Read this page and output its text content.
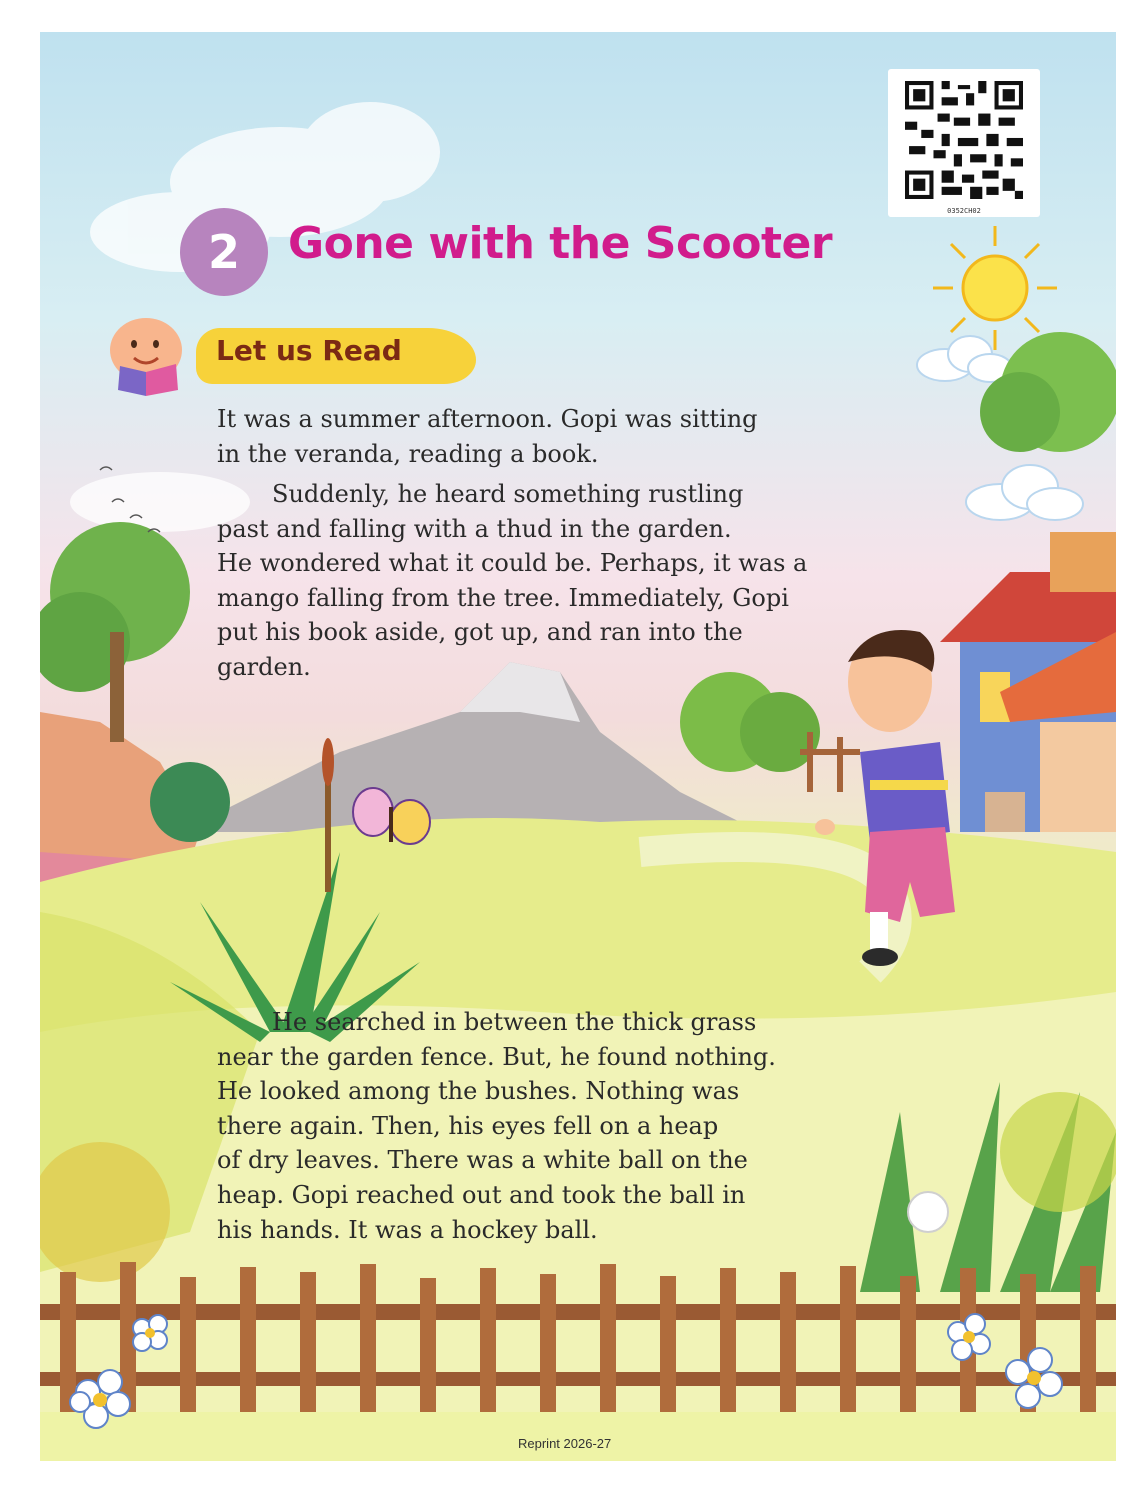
0352CH02
2	Gone with the Scooter
Let us Read
It was a summer afternoon. Gopi was sitting
in the veranda, reading a book.
Suddenly, he heard something rustling
past and falling with a thud in the garden.
He wondered what it could be. Perhaps, it was a
mango falling from the tree. Immediately, Gopi
put his book aside, got up, and ran into the
garden.
He searched in between the thick grass
near the garden fence. But, he found nothing.
He looked among the bushes. Nothing was
there again. Then, his eyes fell on a heap
of dry leaves. There was a white ball on the
heap. Gopi reached out and took the ball in
his hands. It was a hockey ball.
Reprint 2026-27
